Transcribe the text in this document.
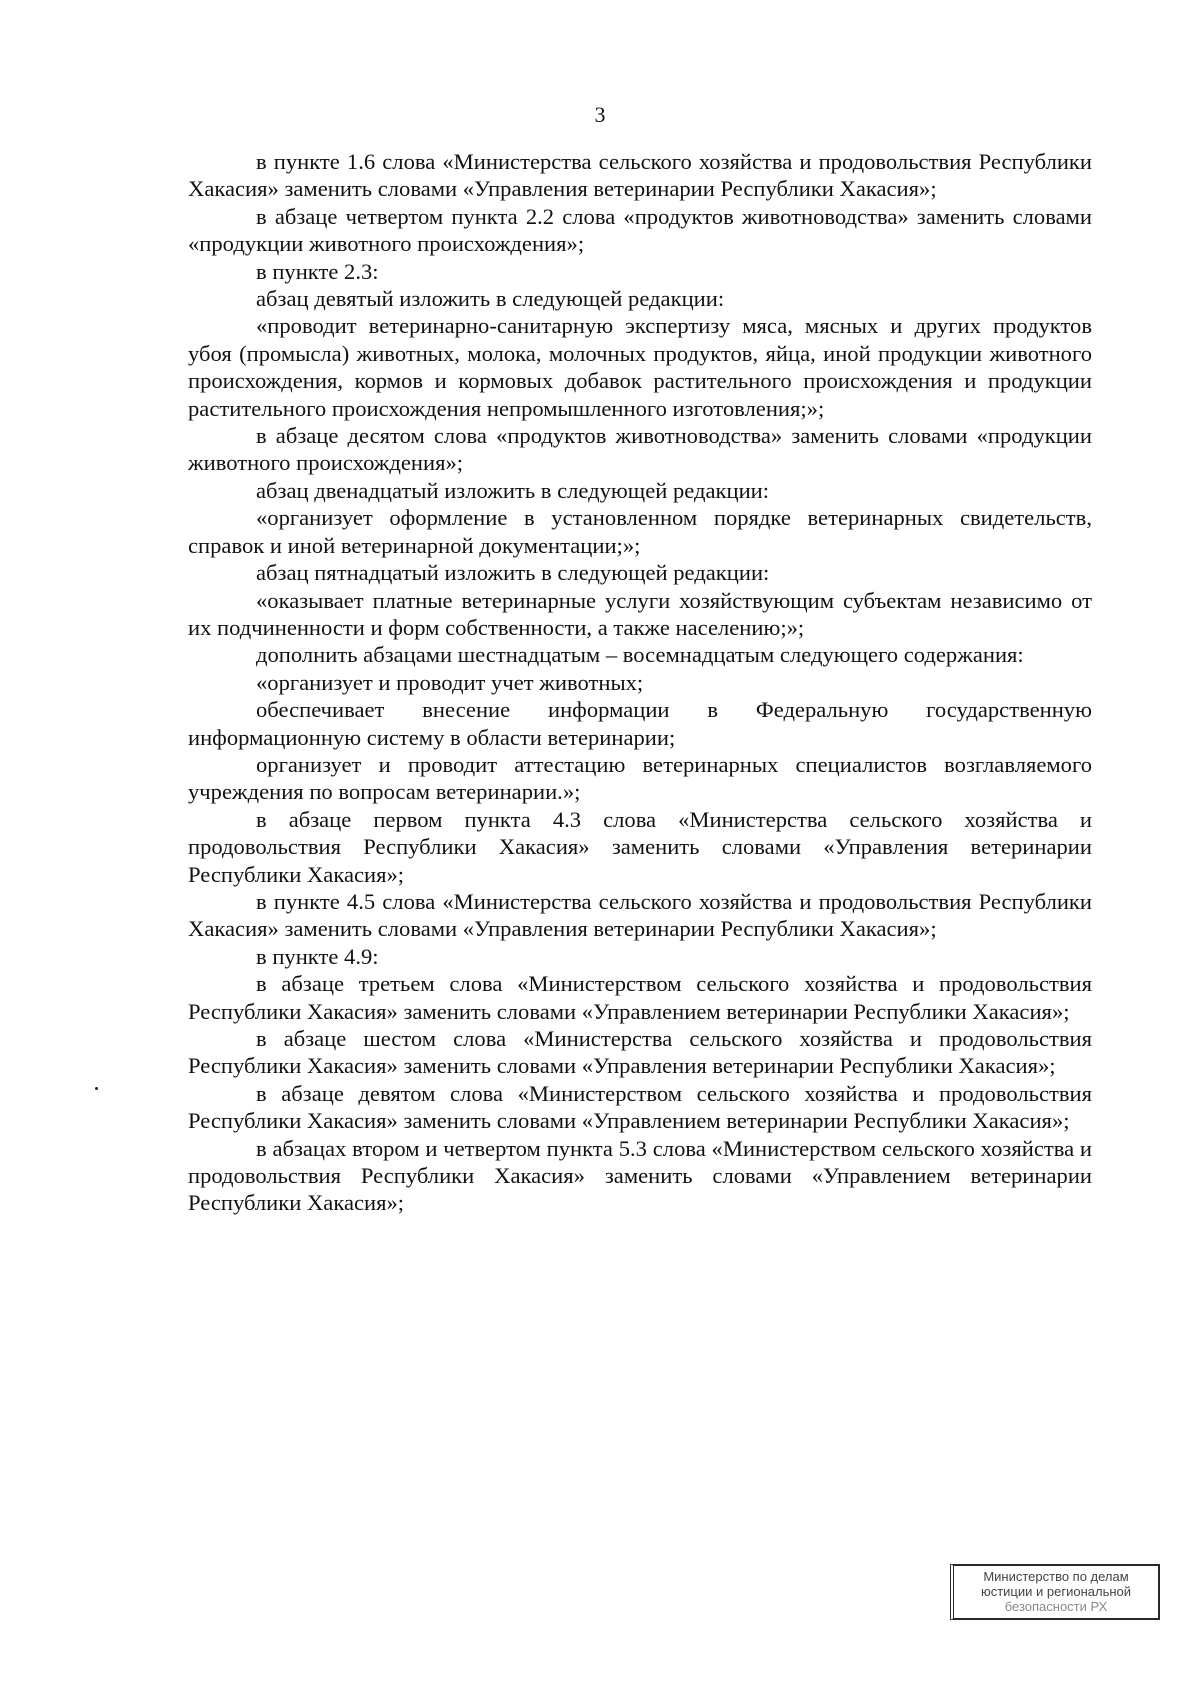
3

в пункте 1.6 слова «Министерства сельского хозяйства и продовольствия Республики Хакасия» заменить словами «Управления ветеринарии Республики Хакасия»;

в абзаце четвертом пункта 2.2 слова «продуктов животноводства» заменить словами «продукции животного происхождения»;

в пункте 2.3:

абзац девятый изложить в следующей редакции:

«проводит ветеринарно-санитарную экспертизу мяса, мясных и других продуктов убоя (промысла) животных, молока, молочных продуктов, яйца, иной продукции животного происхождения, кормов и кормовых добавок растительного происхождения и продукции растительного происхождения непромышленного изготовления;»;

в абзаце десятом слова «продуктов животноводства» заменить словами «продукции животного происхождения»;

абзац двенадцатый изложить в следующей редакции:

«организует оформление в установленном порядке ветеринарных свидетельств, справок и иной ветеринарной документации;»;

абзац пятнадцатый изложить в следующей редакции:

«оказывает платные ветеринарные услуги хозяйствующим субъектам независимо от их подчиненности и форм собственности, а также населению;»;

дополнить абзацами шестнадцатым – восемнадцатым следующего содержания:

«организует и проводит учет животных;

обеспечивает внесение информации в Федеральную государственную информационную систему в области ветеринарии;

организует и проводит аттестацию ветеринарных специалистов возглавляемого учреждения по вопросам ветеринарии.»;

в абзаце первом пункта 4.3 слова «Министерства сельского хозяйства и продовольствия Республики Хакасия» заменить словами «Управления ветеринарии Республики Хакасия»;

в пункте 4.5 слова «Министерства сельского хозяйства и продовольствия Республики Хакасия» заменить словами «Управления ветеринарии Республики Хакасия»;

в пункте 4.9:

в абзаце третьем слова «Министерством сельского хозяйства и продовольствия Республики Хакасия» заменить словами «Управлением ветеринарии Республики Хакасия»;

в абзаце шестом слова «Министерства сельского хозяйства и продовольствия Республики Хакасия» заменить словами «Управления ветеринарии Республики Хакасия»;

в абзаце девятом слова «Министерством сельского хозяйства и продовольствия Республики Хакасия» заменить словами «Управлением ветеринарии Республики Хакасия»;

в абзацах втором и четвертом пункта 5.3 слова «Министерством сельского хозяйства и продовольствия Республики Хакасия» заменить словами «Управлением ветеринарии Республики Хакасия»;

Министерство по делам
юстиции и региональной
безопасности РХ
